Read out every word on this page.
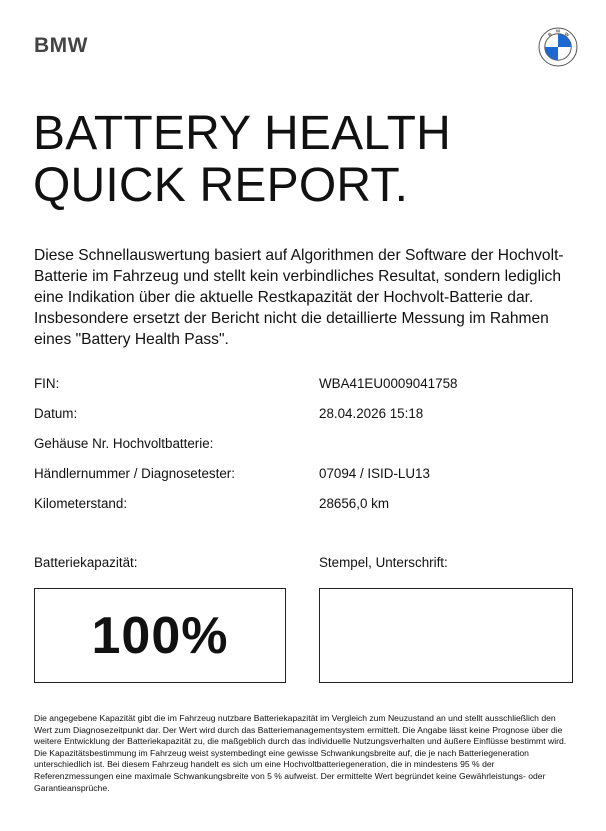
BMW	B
M
W
BATTERY HEALTH
QUICK REPORT.
Diese Schnellauswertung basiert auf Algorithmen der Software der Hochvolt-Batterie im Fahrzeug und stellt kein verbindliches Resultat, sondern lediglich eine Indikation über die aktuelle Restkapazität der Hochvolt-Batterie dar. Insbesondere ersetzt der Bericht nicht die detaillierte Messung im Rahmen eines "Battery Health Pass".
FIN:	WBA41EU0009041758
Datum:	28.04.2026 15:18
Gehäuse Nr. Hochvoltbatterie:
Händlernummer / Diagnosetester:	07094 / ISID-LU13
Kilometerstand:	28656,0 km
Batteriekapazität:	Stempel, Unterschrift:
100%
Die angegebene Kapazität gibt die im Fahrzeug nutzbare Batteriekapazität im Vergleich zum Neuzustand an und stellt ausschließlich den Wert zum Diagnosezeitpunkt dar. Der Wert wird durch das Batteriemanagementsystem ermittelt. Die Angabe lässt keine Prognose über die weitere Entwicklung der Batteriekapazität zu, die maßgeblich durch das individuelle Nutzungsverhalten und äußere Einflüsse bestimmt wird. Die Kapazitätsbestimmung im Fahrzeug weist systembedingt eine gewisse Schwankungsbreite auf, die je nach Batteriegeneration unterschiedlich ist. Bei diesem Fahrzeug handelt es sich um eine Hochvoltbatteriegeneration, die in mindestens 95 % der Referenzmessungen eine maximale Schwankungsbreite von 5 % aufweist. Der ermittelte Wert begründet keine Gewährleistungs- oder Garantieansprüche.
